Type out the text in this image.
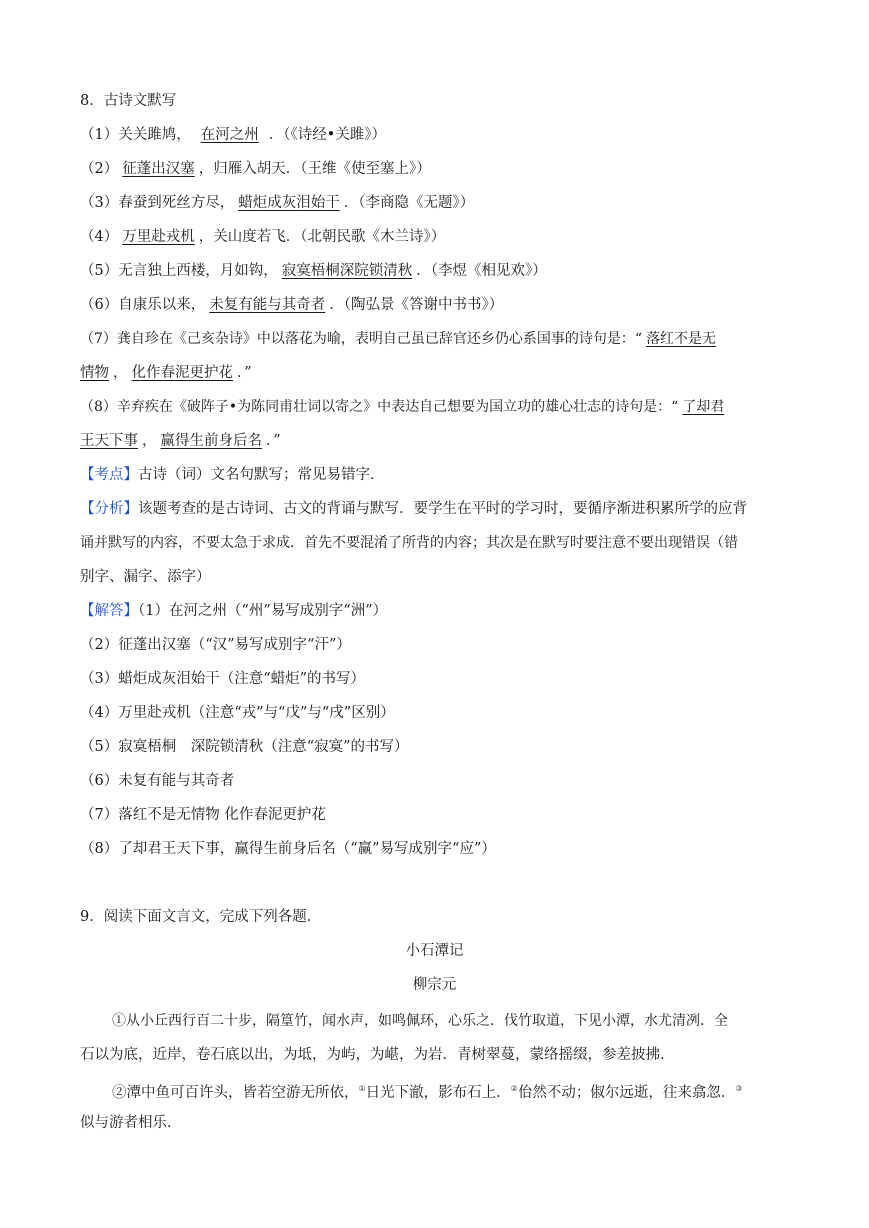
8．古诗文默写
（1）关关雎鸠， 在河之州 ．（《诗经•关雎》）
（2） 征蓬出汉塞 ，归雁入胡天．（王维《使至塞上》）
（3）春蚕到死丝方尽， 蜡炬成灰泪始干 ．（李商隐《无题》）
（4） 万里赴戎机 ，关山度若飞．（北朝民歌《木兰诗》）
（5）无言独上西楼，月如钩， 寂寞梧桐深院锁清秋 ．（李煜《相见欢》）
（6）自康乐以来， 未复有能与其奇者 ．（陶弘景《答谢中书书》）
（7）龚自珍在《己亥杂诗》中以落花为喻，表明自己虽已辞官还乡仍心系国事的诗句是：“ 落红不是无
情物 ， 化作春泥更护花 ．”
（8）辛弃疾在《破阵子•为陈同甫壮词以寄之》中表达自己想要为国立功的雄心壮志的诗句是：“ 了却君
王天下事 ， 赢得生前身后名 ．”
【考点】古诗（词）文名句默写；常见易错字．
【分析】该题考查的是古诗词、古文的背诵与默写．要学生在平时的学习时，要循序渐进积累所学的应背
诵并默写的内容，不要太急于求成．首先不要混淆了所背的内容；其次是在默写时要注意不要出现错误（错
别字、漏字、添字）
【解答】（1）在河之州（“州”易写成别字“洲”）
（2）征蓬出汉塞（“汉”易写成别字“汗”）
（3）蜡炬成灰泪始干（注意“蜡炬”的书写）
（4）万里赴戎机（注意“戎”与“戊”与“戌”区别）
（5）寂寞梧桐　深院锁清秋（注意“寂寞”的书写）
（6）未复有能与其奇者
（7）落红不是无情物 化作春泥更护花
（8）了却君王天下事，赢得生前身后名（“赢”易写成别字“应”）
9．阅读下面文言文，完成下列各题．
小石潭记
柳宗元
①从小丘西行百二十步，隔篁竹，闻水声，如鸣佩环，心乐之．伐竹取道，下见小潭，水尤清冽．全
石以为底，近岸，卷石底以出，为坻，为屿，为嵁，为岩．青树翠蔓，蒙络摇缀，参差披拂．
②潭中鱼可百许头，皆若空游无所依，①日光下澈，影布石上．②佁然不动；俶尔远逝，往来翕忽．③
似与游者相乐．
